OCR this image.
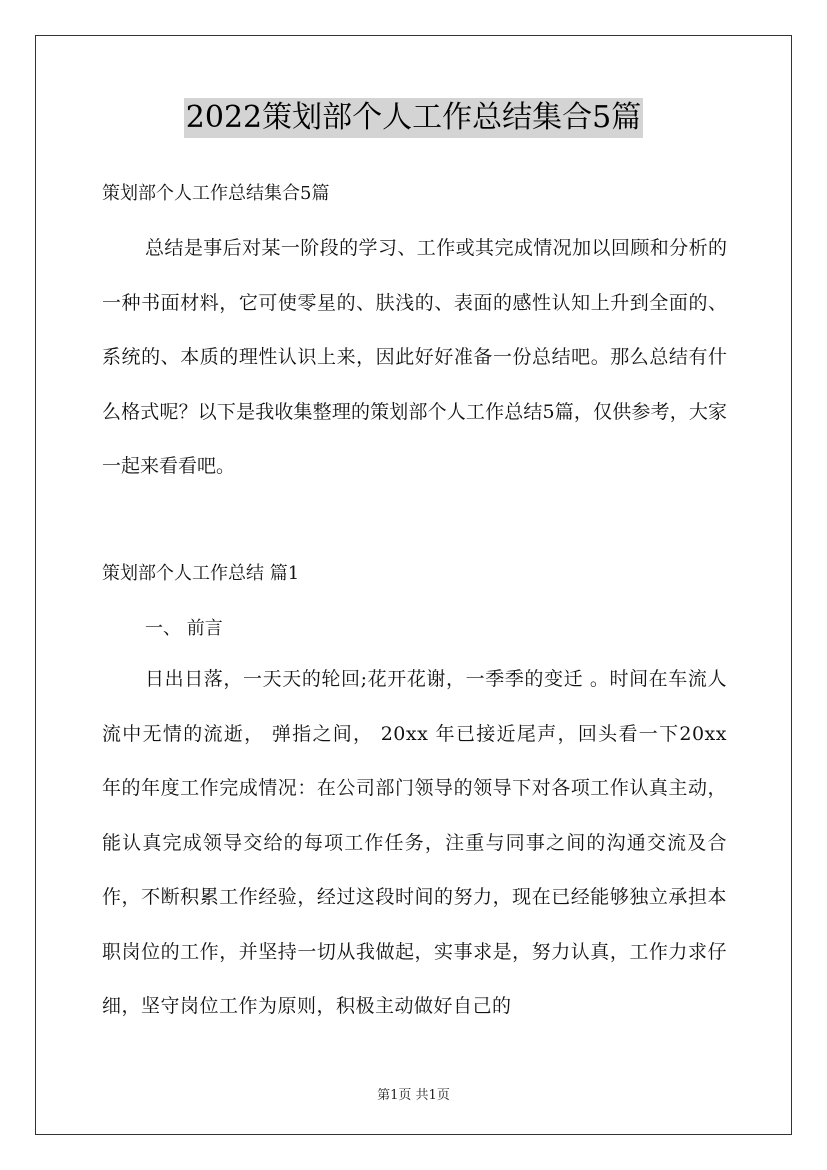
2022策划部个人工作总结集合5篇
策划部个人工作总结集合5篇

总结是事后对某一阶段的学习、工作或其完成情况加以回顾和分析的一种书面材料，它可使零星的、肤浅的、表面的感性认知上升到全面的、系统的、本质的理性认识上来，因此好好准备一份总结吧。那么总结有什么格式呢？以下是我收集整理的策划部个人工作总结5篇，仅供参考，大家一起来看看吧。

策划部个人工作总结 篇1
一、 前言

日出日落，一天天的轮回;花开花谢，一季季的变迁 。时间在车流人流中无情的流逝， 弹指之间， 20xx 年已接近尾声，回头看一下20xx 年的年度工作完成情况：在公司部门领导的领导下对各项工作认真主动，能认真完成领导交给的每项工作任务，注重与同事之间的沟通交流及合作，不断积累工作经验，经过这段时间的努力，现在已经能够独立承担本职岗位的工作，并坚持一切从我做起，实事求是，努力认真，工作力求仔细，坚守岗位工作为原则，积极主动做好自己的

第1页 共1页
